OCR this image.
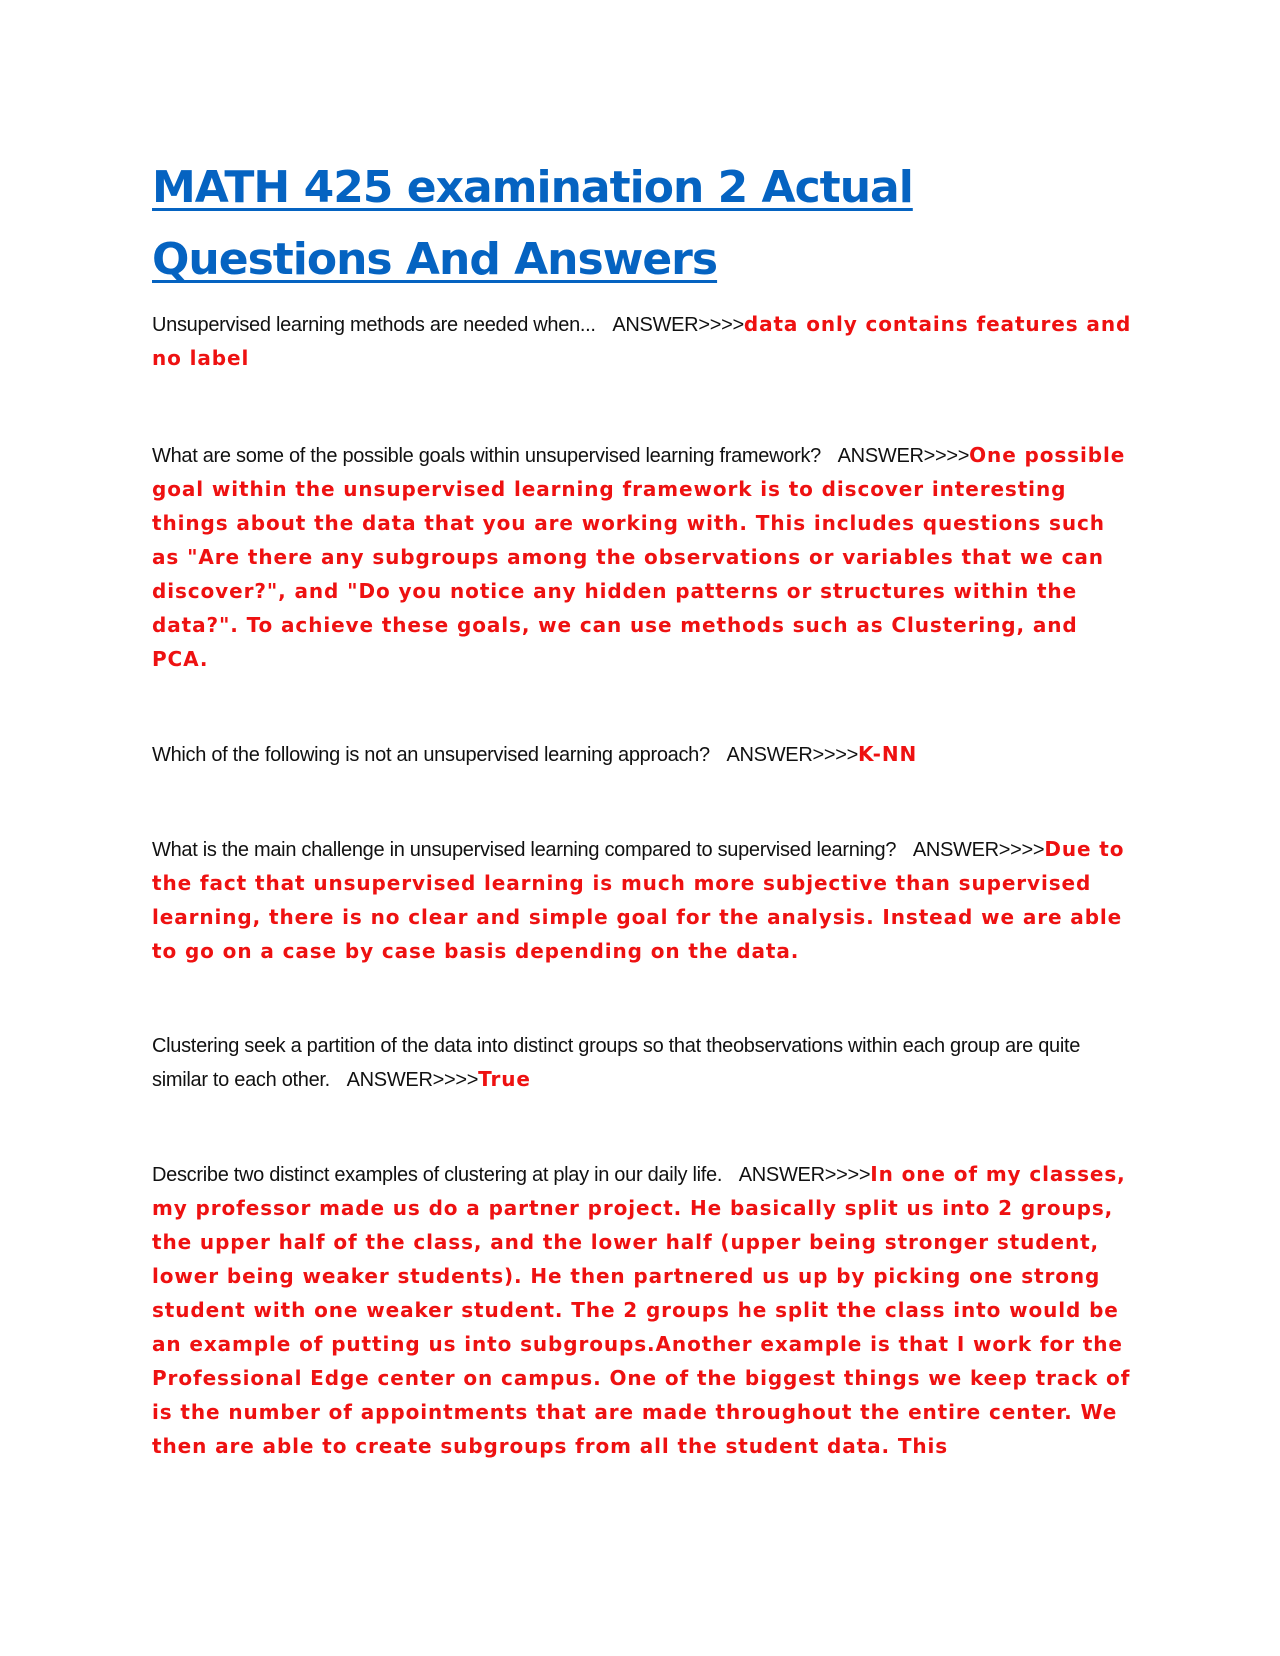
MATH 425 examination 2 Actual Questions And Answers

Unsupervised learning methods are needed when... ANSWER>>>>data only contains features and no label

What are some of the possible goals within unsupervised learning framework? ANSWER>>>>One possible goal within the unsupervised learning framework is to discover interesting things about the data that you are working with. This includes questions such as "Are there any subgroups among the observations or variables that we can discover?", and "Do you notice any hidden patterns or structures within the data?". To achieve these goals, we can use methods such as Clustering, and PCA.

Which of the following is not an unsupervised learning approach? ANSWER>>>>K-NN

What is the main challenge in unsupervised learning compared to supervised learning? ANSWER>>>>Due to the fact that unsupervised learning is much more subjective than supervised learning, there is no clear and simple goal for the analysis. Instead we are able to go on a case by case basis depending on the data.

Clustering seek a partition of the data into distinct groups so that theobservations within each group are quite similar to each other. ANSWER>>>>True

Describe two distinct examples of clustering at play in our daily life. ANSWER>>>>In one of my classes, my professor made us do a partner project. He basically split us into 2 groups, the upper half of the class, and the lower half (upper being stronger student, lower being weaker students). He then partnered us up by picking one strong student with one weaker student. The 2 groups he split the class into would be an example of putting us into subgroups.Another example is that I work for the Professional Edge center on campus. One of the biggest things we keep track of is the number of appointments that are made throughout the entire center. We then are able to create subgroups from all the student data. This
